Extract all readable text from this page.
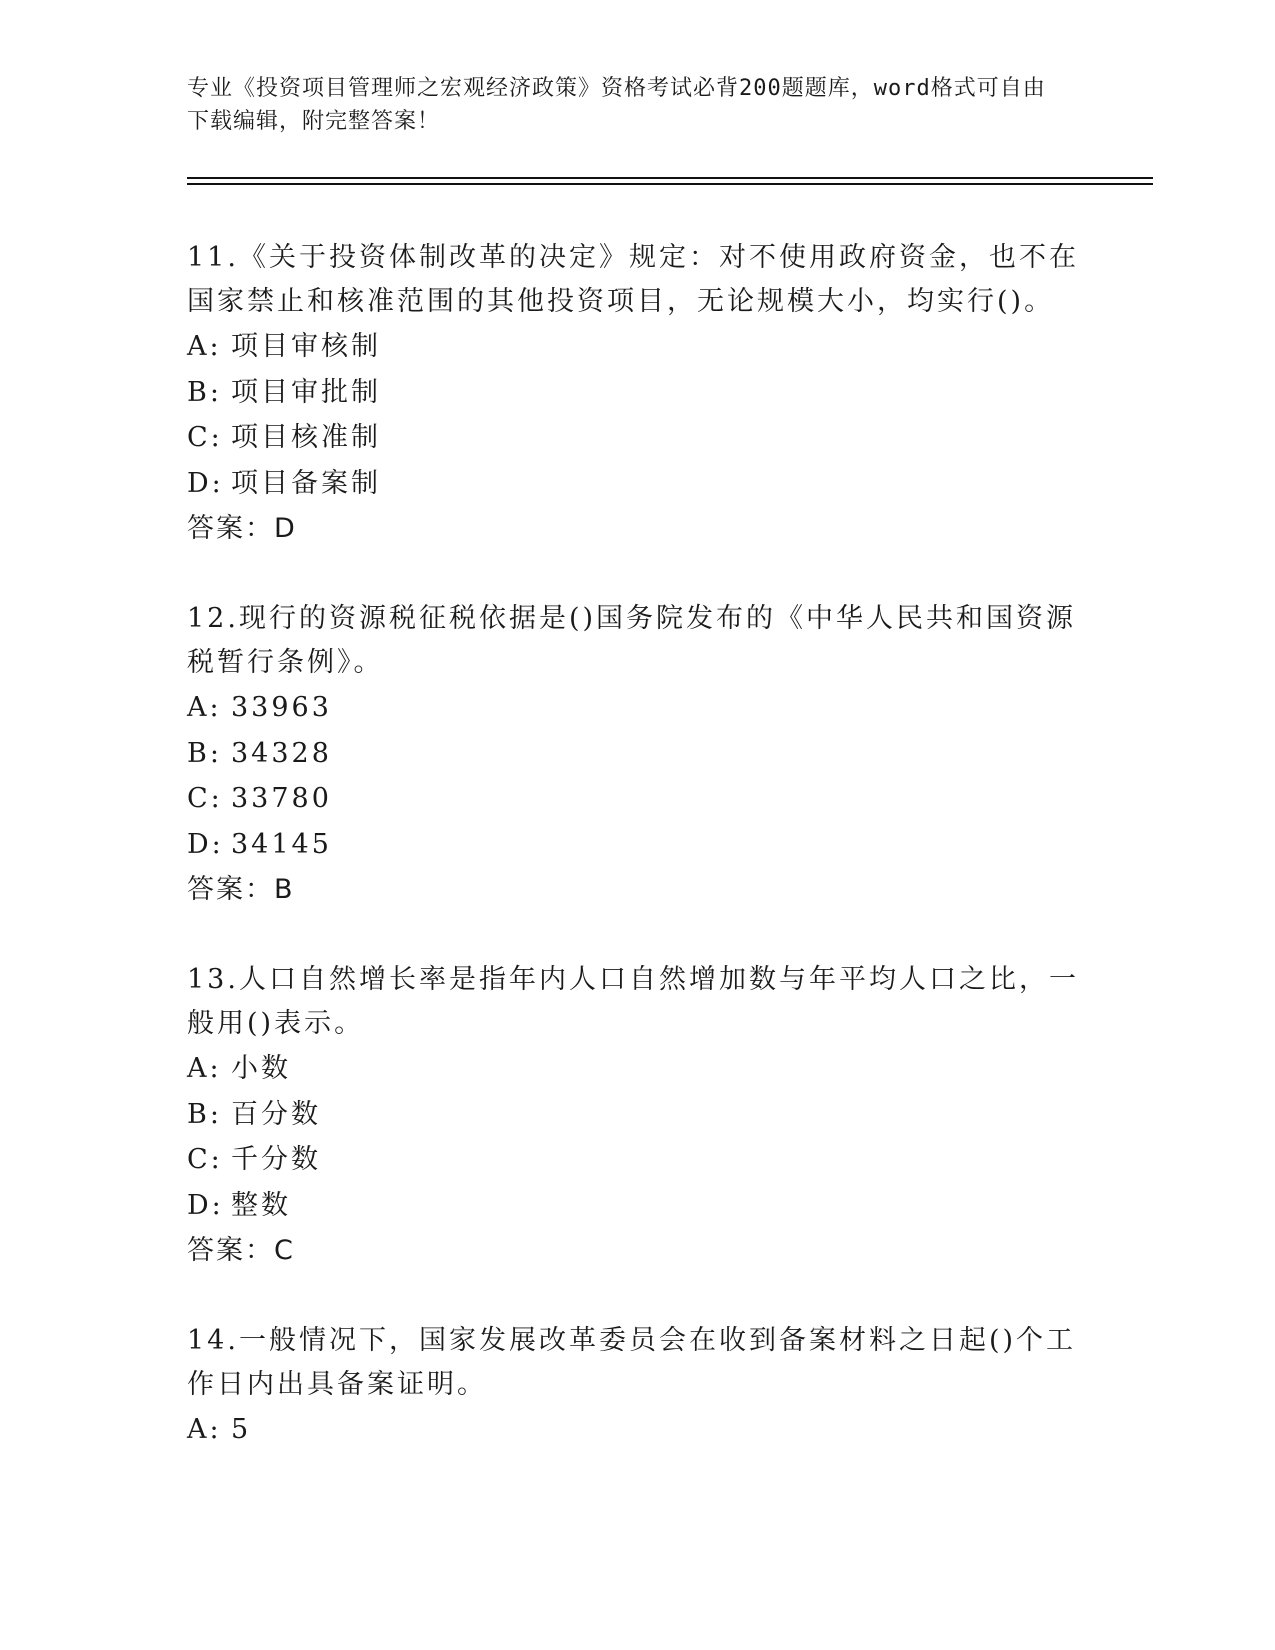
专业《投资项目管理师之宏观经济政策》资格考试必背200题题库，word格式可自由下载编辑，附完整答案！

11.《关于投资体制改革的决定》规定：对不使用政府资金，也不在国家禁止和核准范围的其他投资项目，无论规模大小，均实行()。

A: 项目审核制

B: 项目审批制

C: 项目核准制

D: 项目备案制

答案：D

12.现行的资源税征税依据是()国务院发布的《中华人民共和国资源税暂行条例》。

A: 33963

B: 34328

C: 33780

D: 34145

答案：B

13.人口自然增长率是指年内人口自然增加数与年平均人口之比，一般用()表示。

A: 小数

B: 百分数

C: 千分数

D: 整数

答案：C

14.一般情况下，国家发展改革委员会在收到备案材料之日起()个工作日内出具备案证明。

A: 5
